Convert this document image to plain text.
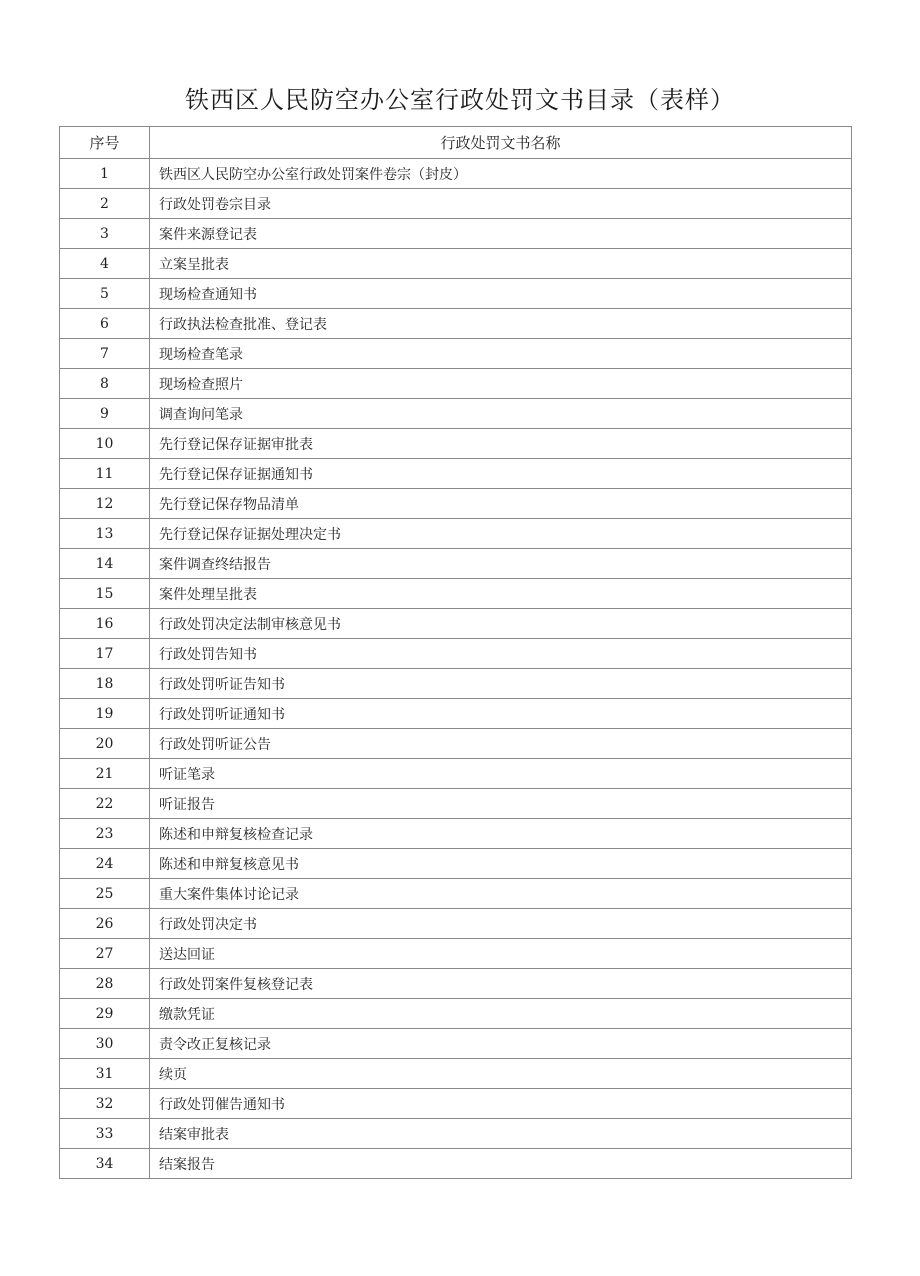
铁西区人民防空办公室行政处罚文书目录（表样）
序号	行政处罚文书名称
1	铁西区人民防空办公室行政处罚案件卷宗（封皮）
2	行政处罚卷宗目录
3	案件来源登记表
4	立案呈批表
5	现场检查通知书
6	行政执法检查批准、登记表
7	现场检查笔录
8	现场检查照片
9	调查询问笔录
10	先行登记保存证据审批表
11	先行登记保存证据通知书
12	先行登记保存物品清单
13	先行登记保存证据处理决定书
14	案件调查终结报告
15	案件处理呈批表
16	行政处罚决定法制审核意见书
17	行政处罚告知书
18	行政处罚听证告知书
19	行政处罚听证通知书
20	行政处罚听证公告
21	听证笔录
22	听证报告
23	陈述和申辩复核检查记录
24	陈述和申辩复核意见书
25	重大案件集体讨论记录
26	行政处罚决定书
27	送达回证
28	行政处罚案件复核登记表
29	缴款凭证
30	责令改正复核记录
31	续页
32	行政处罚催告通知书
33	结案审批表
34	结案报告
